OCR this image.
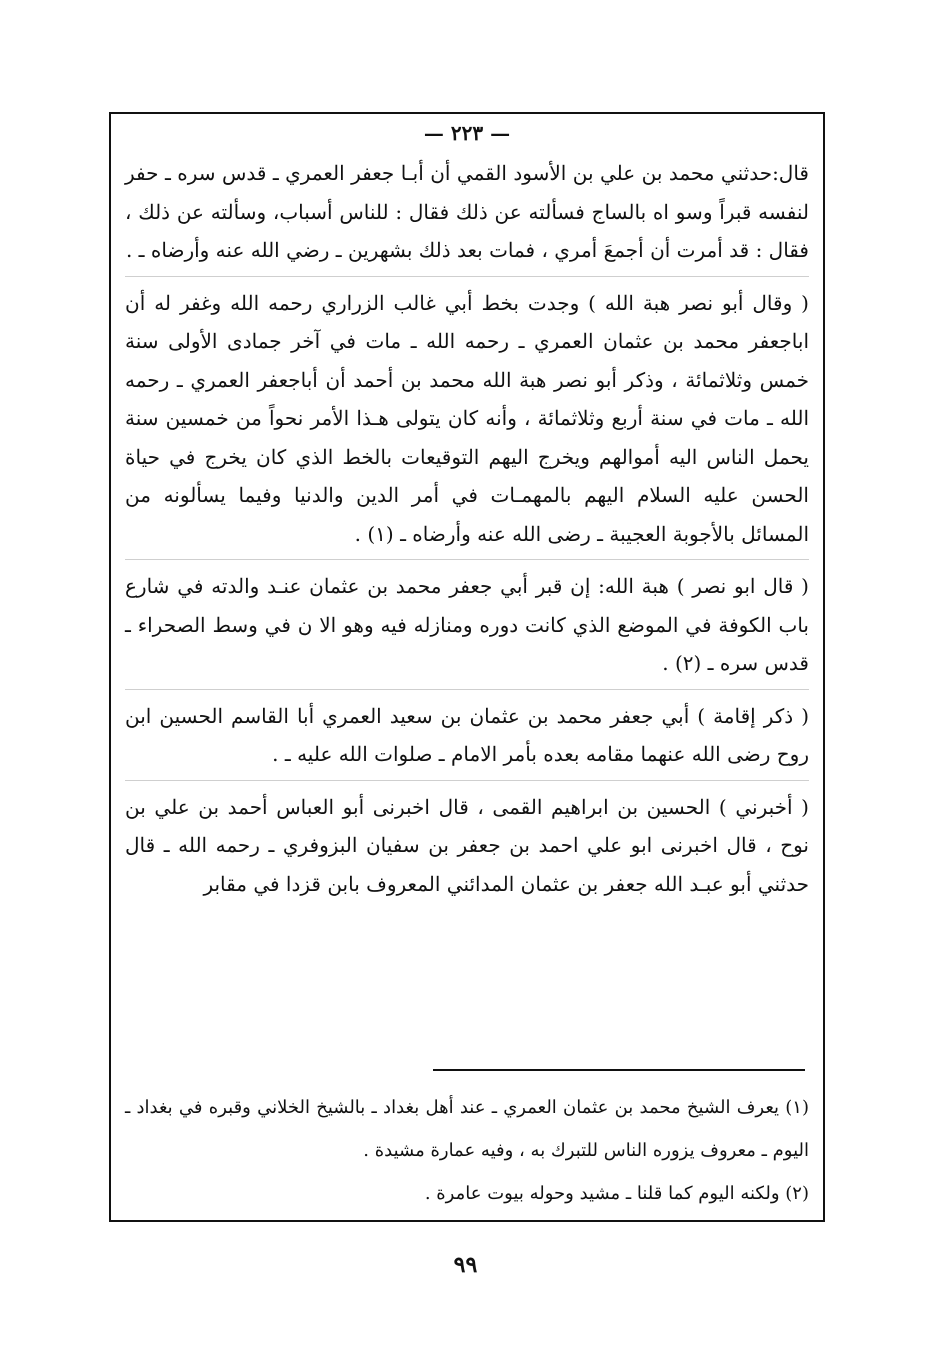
— ٢٢٣ —

قال:حدثني محمد بن علي بن الأسود القمي أن أبـا جعفر العمري ـ قدس سره ـ حفر لنفسه قبراً وسو اه بالساج فسألته عن ذلك فقال : للناس أسباب، وسألته عن ذلك ، فقال : قد أمرت أن أجمعَ أمري ، فمات بعد ذلك بشهرين ـ رضي الله عنه وأرضاه ـ .

( وقال أبو نصر هبة الله ) وجدت بخط أبي غالب الزراري رحمه الله وغفر له أن اباجعفر محمد بن عثمان العمري ـ رحمه الله ـ مات في آخر جمادى الأولى سنة خمس وثلاثمائة ، وذكر أبو نصر هبة الله محمد بن أحمد أن أباجعفر العمري ـ رحمه الله ـ مات في سنة أربع وثلاثمائة ، وأنه كان يتولى هـذا الأمر نحواً من خمسين سنة يحمل الناس اليه أموالهم ويخرج اليهم التوقيعات بالخط الذي كان يخرج في حياة الحسن عليه السلام اليهم بالمهمـات في أمر الدين والدنيا وفيما يسألونه من المسائل بالأجوبة العجيبة ـ رضى الله عنه وأرضاه ـ (١) .

( قال ابو نصر ) هبة الله: إن قبر أبي جعفر محمد بن عثمان عنـد والدته في شارع باب الكوفة في الموضع الذي كانت دوره ومنازله فيه وهو الا ن في وسط الصحراء ـ قدس سره ـ (٢) .

( ذكر إقامة ) أبي جعفر محمد بن عثمان بن سعيد العمري أبا القاسم الحسين ابن روح رضى الله عنهما مقامه بعده بأمر الامام ـ صلوات الله عليه ـ .

( أخبرني ) الحسين بن ابراهيم القمى ، قال اخبرنى أبو العباس أحمد بن علي بن نوح ، قال اخبرنى ابو علي احمد بن جعفر بن سفيان البزوفري ـ رحمه الله ـ قال حدثني أبو عبـد الله جعفر بن عثمان المدائني المعروف بابن قزدا في مقابر

(١) يعرف الشيخ محمد بن عثمان العمري ـ عند أهل بغداد ـ بالشيخ الخلاني وقبره في بغداد ـ اليوم ـ معروف يزوره الناس للتبرك به ، وفيه عمارة مشيدة .

(٢) ولكنه اليوم كما قلنا ـ مشيد وحوله بيوت عامرة .

٩٩
